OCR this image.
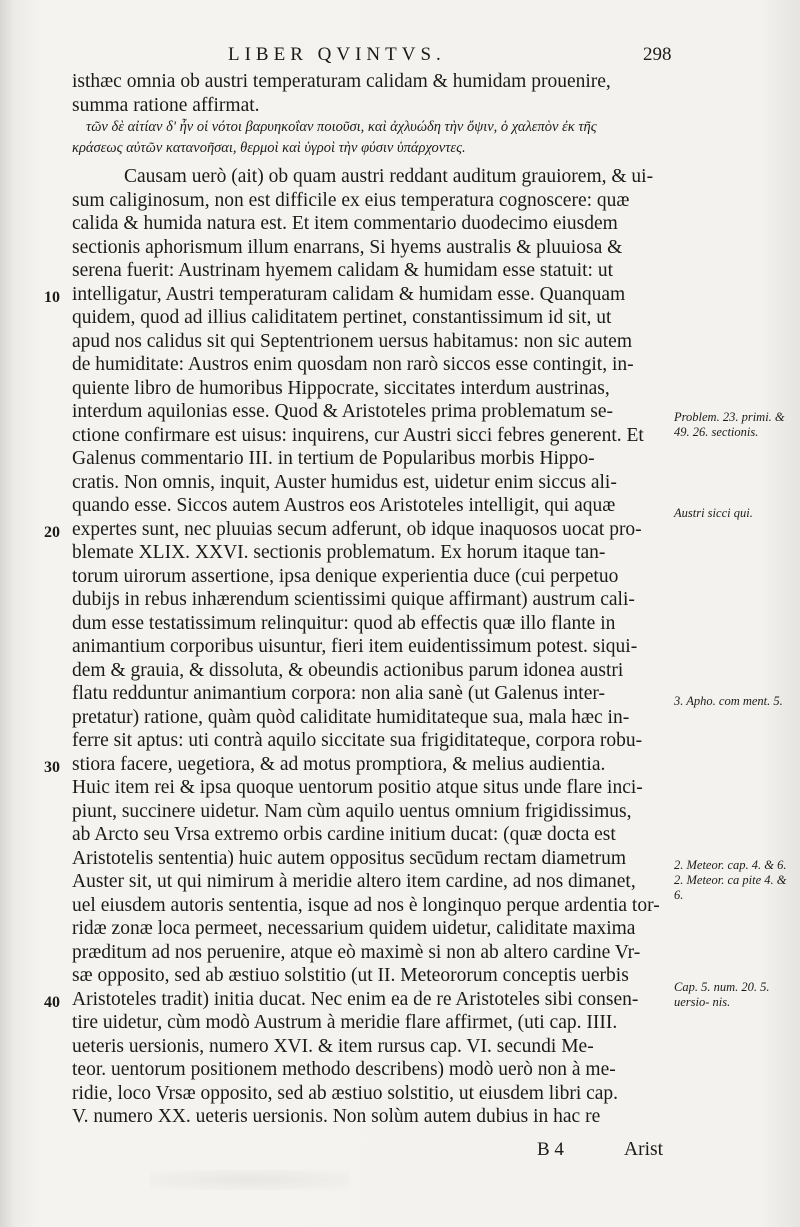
LIBER QVINTVS.	298
isthæc omnia ob austri temperaturam calidam & humidam prouenire,
summa ratione affirmat.
τῶν δὲ αἰτίαν δ' ἦν οἱ νότοι βαρυηκοΐαν ποιοῦσι, καὶ ἀχλυώδη τὴν ὄψιν, ὁ χαλεπὸν ἐκ τῆς
κράσεως αὐτῶν κατανοῆσαι, θερμοὶ καὶ ὑγροὶ τὴν φύσιν ὑπάρχοντες.
Causam uerò (ait) ob quam austri reddant auditum grauiorem, & ui-
sum caliginosum, non est difficile ex eius temperatura cognoscere: quæ
calida & humida natura est. Et item commentario duodecimo eiusdem
sectionis aphorismum illum enarrans, Si hyems australis & pluuiosa &
serena fuerit: Austrinam hyemem calidam & humidam esse statuit: ut
intelligatur, Austri temperaturam calidam & humidam esse. Quanquam
quidem, quod ad illius caliditatem pertinet, constantissimum id sit, ut
apud nos calidus sit qui Septentrionem uersus habitamus: non sic autem
de humiditate: Austros enim quosdam non rarò siccos esse contingit, in-
quiente libro de humoribus Hippocrate, siccitates interdum austrinas,
interdum aquilonias esse. Quod & Aristoteles prima problematum se-
ctione confirmare est uisus: inquirens, cur Austri sicci febres generent. Et
Galenus commentario III. in tertium de Popularibus morbis Hippo-
cratis. Non omnis, inquit, Auster humidus est, uidetur enim siccus ali-
quando esse. Siccos autem Austros eos Aristoteles intelligit, qui aquæ
expertes sunt, nec pluuias secum adferunt, ob idque inaquosos uocat pro-
blemate XLIX. XXVI. sectionis problematum. Ex horum itaque tan-
torum uirorum assertione, ipsa denique experientia duce (cui perpetuo
dubijs in rebus inhærendum scientissimi quique affirmant) austrum cali-
dum esse testatissimum relinquitur: quod ab effectis quæ illo flante in
animantium corporibus uisuntur, fieri item euidentissimum potest. siqui-
dem & grauia, & dissoluta, & obeundis actionibus parum idonea austri
flatu redduntur animantium corpora: non alia sanè (ut Galenus inter-
pretatur) ratione, quàm quòd caliditate humiditateque sua, mala hæc in-
ferre sit aptus: uti contrà aquilo siccitate sua frigiditateque, corpora robu-
stiora facere, uegetiora, & ad motus promptiora, & melius audientia.
Huic item rei & ipsa quoque uentorum positio atque situs unde flare inci-
piunt, succinere uidetur. Nam cùm aquilo uentus omnium frigidissimus,
ab Arcto seu Vrsa extremo orbis cardine initium ducat: (quæ docta est
Aristotelis sententia) huic autem oppositus secūdum rectam diametrum
Auster sit, ut qui nimirum à meridie altero item cardine, ad nos dimanet,
uel eiusdem autoris sententia, isque ad nos è longinquo perque ardentia tor-
ridæ zonæ loca permeet, necessarium quidem uidetur, caliditate maxima
præditum ad nos peruenire, atque eò maximè si non ab altero cardine Vr-
sæ opposito, sed ab æstiuo solstitio (ut II. Meteororum conceptis uerbis
Aristoteles tradit) initia ducat. Nec enim ea de re Aristoteles sibi consen-
tire uidetur, cùm modò Austrum à meridie flare affirmet, (uti cap. IIII.
ueteris uersionis, numero XVI. & item rursus cap. VI. secundi Me-
teor. uentorum positionem methodo describens) modò uerò non à me-
ridie, loco Vrsæ opposito, sed ab æstiuo solstitio, ut eiusdem libri cap.
V. numero XX. ueteris uersionis. Non solùm autem dubius in hac re
10
20
30
40
Problem. 23. primi. & 49. 26. sectionis.
Austri sicci qui.
3. Apho. com ment. 5.
2. Meteor. cap. 4. & 6. 2. Meteor. ca pite 4. & 6.
Cap. 5. num. 20. 5. uersio- nis.
B 4	Arist
